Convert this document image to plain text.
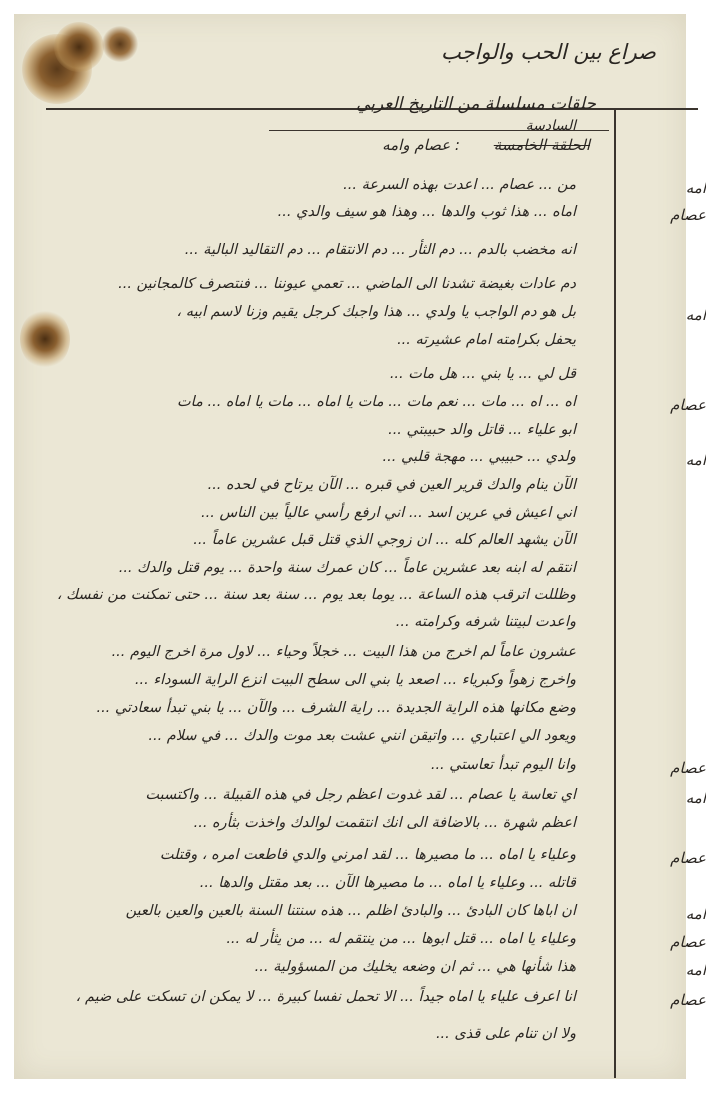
صراع بين الحب والواجب
حلقات مسلسلة من التاريخ العربي
السادسة
الحلقة الخامسة
: عصام وامه
امه
من ... عصام ... اعدت بهذه السرعة ...
عصام
اماه ... هذا ثوب والدها ... وهذا هو سيف والدي ...
انه مخضب بالدم ... دم الثأر ... دم الانتقام ... دم التقاليد البالية ...
دم عادات بغيضة تشدنا الى الماضي ... تعمي عيوننا ... فنتصرف كالمجانين ...
امه
بل هو دم الواجب يا ولدي ... هذا واجبك كرجل يقيم وزنا لاسم ابيه ،
يحفل بكرامته امام عشيرته ...
قل لي ... يا بني ... هل مات ...
عصام
اه ... اه ... مات ... نعم مات ... مات يا اماه ... مات يا اماه ... مات
ابو علياء ... قاتل والد حبيبتي ...
امه
ولدي ... حبيبي ... مهجة قلبي ...
الآن ينام والدك قرير العين في قبره ... الآن يرتاح في لحده ...
اني اعيش في عرين اسد ... اني ارفع رأسي عالياً بين الناس ...
الآن يشهد العالم كله ... ان زوجي الذي قتل قبل عشرين عاماً ...
انتقم له ابنه بعد عشرين عاماً ... كان عمرك سنة واحدة ... يوم قتل والدك ...
وظللت اترقب هذه الساعة ... يوما بعد يوم ... سنة بعد سنة ... حتى تمكنت من نفسك ،
واعدت لبيتنا شرفه وكرامته ...
عشرون عاماً لم اخرج من هذا البيت ... خجلاً وحياء ... لاول مرة اخرج اليوم ...
واخرج زهواً وكبرياء ... اصعد يا بني الى سطح البيت انزع الراية السوداء ...
وضع مكانها هذه الراية الجديدة ... راية الشرف ... والآن ... يا بني تبدأ سعادتي ...
ويعود الي اعتباري ... واتيقن انني عشت بعد موت والدك ... في سلام ...
عصام
وانا اليوم تبدأ تعاستي ...
امه
اي تعاسة يا عصام ... لقد غدوت اعظم رجل في هذه القبيلة ... واكتسبت
اعظم شهرة ... بالاضافة الى انك انتقمت لوالدك واخذت بثأره ...
عصام
وعلياء يا اماه ... ما مصيرها ... لقد امرني والدي فاطعت امره ، وقتلت
قاتله ... وعلياء يا اماه ... ما مصيرها الآن ... بعد مقتل والدها ...
امه
ان اباها كان البادئ ... والبادئ اظلم ... هذه سنتنا السنة بالعين والعين بالعين
عصام
وعلياء يا اماه ... قتل ابوها ... من ينتقم له ... من يثأر له ...
امه
هذا شأنها هي ... ثم ان وضعه يخليك من المسؤولية ...
عصام
انا اعرف علياء يا اماه جيداً ... الا تحمل نفسا كبيرة ... لا يمكن ان تسكت على ضيم ،
ولا ان تنام على قذى ...
